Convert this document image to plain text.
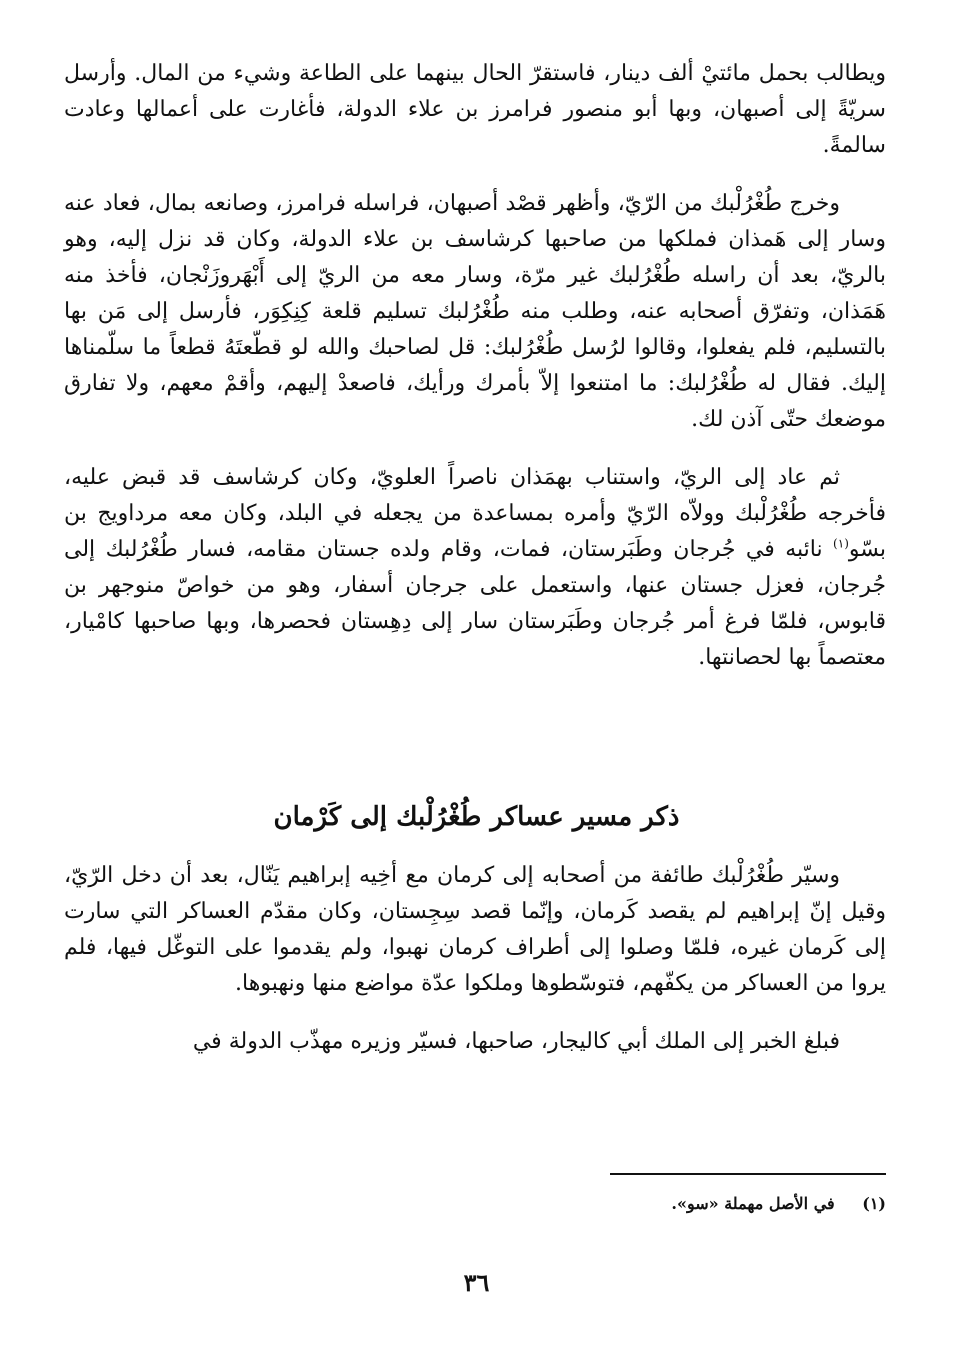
ويطالب بحمل مائتيْ ألف دينار، فاستقرّ الحال بينهما على الطاعة وشيء من المال. وأرسل سريّةً إلى أصبهان، وبها أبو منصور فرامرز بن علاء الدولة، فأغارت على أعمالها وعادت سالمةً.

وخرج طُغْرُلْبك من الرّيّ، وأظهر قصْد أصبهان، فراسله فرامرز، وصانعه بمال، فعاد عنه وسار إلى هَمذان فملكها من صاحبها كرشاسف بن علاء الدولة، وكان قد نزل إليه، وهو بالريّ، بعد أن راسله طُغْرُلبك غير مرّة، وسار معه من الريّ إلى أَبْهَروزَنْجان، فأخذ منه هَمَذان، وتفرّق أصحابه عنه، وطلب منه طُغْرُلبك تسليم قلعة كِنِكِوَر، فأرسل إلى مَن بها بالتسليم، فلم يفعلوا، وقالوا لرُسل طُغْرُلبك: قل لصاحبك والله لو قطّعتَهُ قطعاً ما سلّمناها إليك. فقال له طُغْرُلبك: ما امتنعوا إلاّ بأمرك ورأيك، فاصعدْ إليهم، وأقمْ معهم، ولا تفارق موضعك حتّى آذن لك.

ثم عاد إلى الريّ، واستناب بهمَذان ناصراً العلويّ، وكان كرشاسف قد قبض عليه، فأخرجه طُغْرُلْبك وولاّه الرّيّ وأمره بمساعدة من يجعله في البلد، وكان معه مرداويج بن بسّو$^{(١)}$ نائبه في جُرجان وطَبَرستان، فمات، وقام ولده جستان مقامه، فسار طُغْرُلبك إلى جُرجان، فعزل جستان عنها، واستعمل على جرجان أسفار، وهو من خواصّ منوجهر بن قابوس، فلمّا فرغ أمر جُرجان وطَبَرستان سار إلى دِهِستان فحصرها، وبها صاحبها كامْيار، معتصماً بها لحصانتها.

ذكر مسير عساكر طُغْرُلْبك إلى كَرْمان

وسيّر طُغْرُلْبك طائفة من أصحابه إلى كرمان مع أخِيه إبراهيم يَنّال، بعد أن دخل الرّيّ، وقيل إنّ إبراهيم لم يقصد كَرمان، وإنّما قصد سِجِستان، وكان مقدّم العساكر التي سارت إلى كَرمان غيره، فلمّا وصلوا إلى أطراف كرمان نهبوا، ولم يقدموا على التوغّل فيها، فلم يروا من العساكر من يكفّهم، فتوسّطوها وملكوا عدّة مواضع منها ونهبوها.

فبلغ الخبر إلى الملك أبي كاليجار، صاحبها، فسيّر وزيره مهذّب الدولة في

(١) في الأصل مهملة «سو».
٣٦
